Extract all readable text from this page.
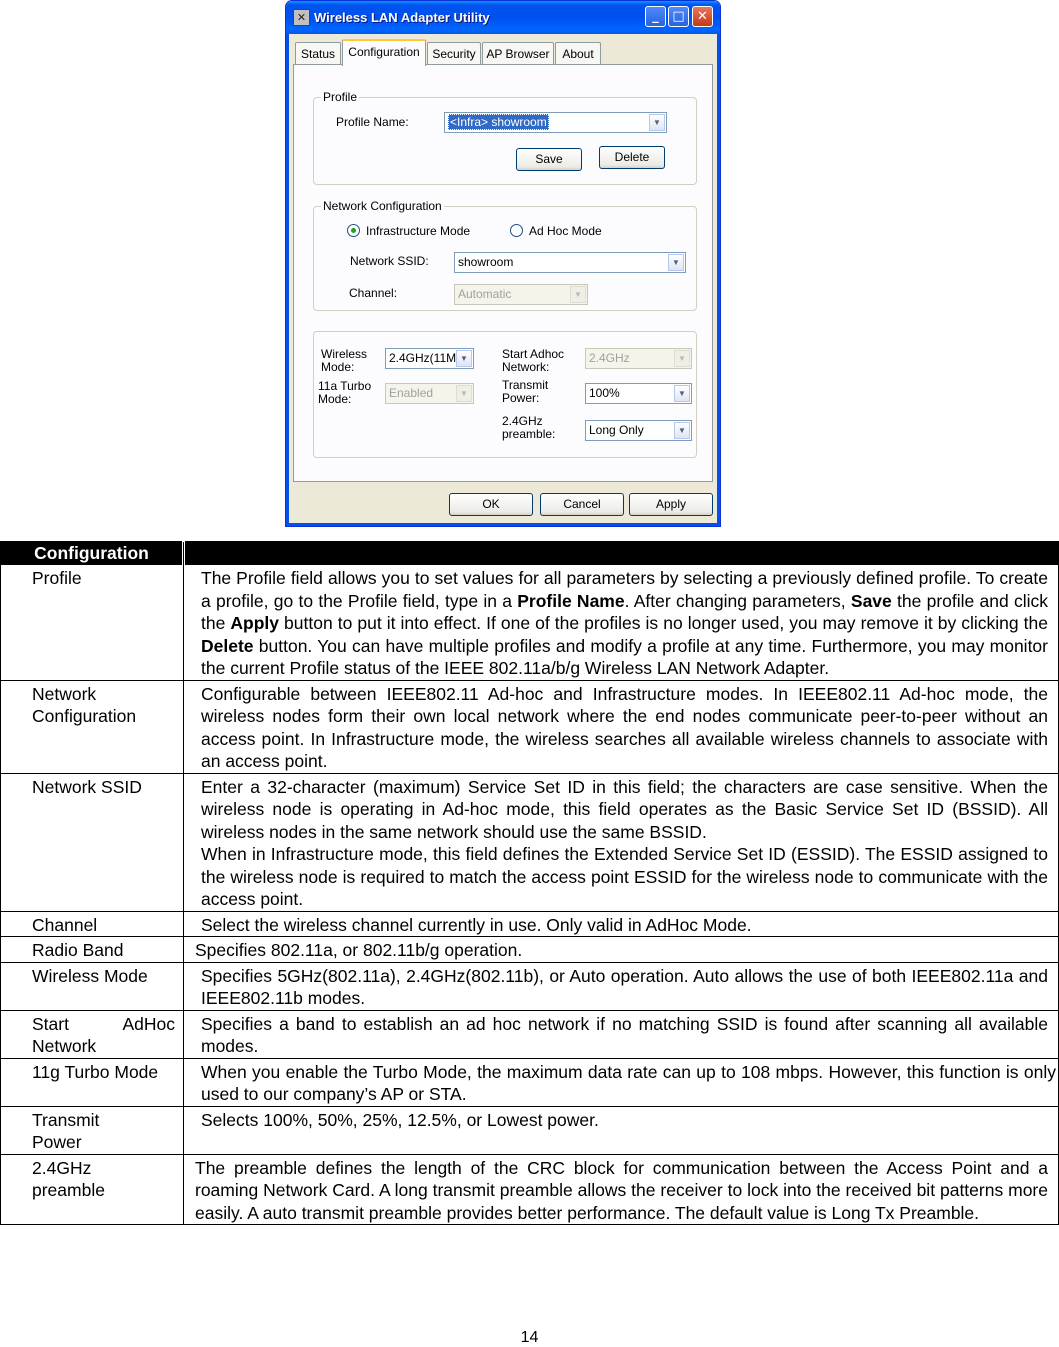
✕ Wireless LAN Adapter Utility	_	□ ✕
Status	Configuration	Security AP Browser	About
Profile
Profile Name:	<Infra> showroom	▼
Save	Delete
Network Configuration
Infrastructure Mode	Ad Hoc Mode
Network SSID:	showroom	▼
Channel:	Automatic	▼
Wireless Mode:
2.4GHz(11M ▼
11a Turbo Mode:	Enabled	▼
Start Adhoc Network:
2.4GHz	▼
Transmit Power:	100%	▼
2.4GHz preamble:	Long Only	▼
OK	Cancel	Apply
Configuration	
Profile	The Profile field allows you to set values for all parameters by selecting a previously defined profile. To create a profile, go to the Profile field, type in a Profile Name. After changing parameters, Save the profile and click the Apply button to put it into effect. If one of the profiles is no longer used, you may remove it by clicking the Delete button. You can have multiple profiles and modify a profile at any time. Furthermore, you may monitor the current Profile status of the IEEE 802.11a/b/g Wireless LAN Network Adapter.
Network Configuration	Configurable between IEEE802.11 Ad-hoc and Infrastructure modes. In IEEE802.11 Ad-hoc mode, the wireless nodes form their own local network where the end nodes communicate peer-to-peer without an access point. In Infrastructure mode, the wireless searches all available wireless channels to associate with an access point.
Network SSID	Enter a 32-character (maximum) Service Set ID in this field; the characters are case sensitive. When the wireless node is operating in Ad-hoc mode, this field operates as the Basic Service Set ID (BSSID). All wireless nodes in the same network should use the same BSSID.
When in Infrastructure mode, this field defines the Extended Service Set ID (ESSID). The ESSID assigned to the wireless node is required to match the access point ESSID for the wireless node to communicate with the access point.

Channel	Select the wireless channel currently in use. Only valid in AdHoc Mode.
Radio Band	Specifies 802.11a, or 802.11b/g operation.
Wireless Mode	Specifies 5GHz(802.11a), 2.4GHz(802.11b), or Auto operation. Auto allows the use of both IEEE802.11a and IEEE802.11b modes.
Start AdHoc Network	Specifies a band to establish an ad hoc network if no matching SSID is found after scanning all available modes.
11g Turbo Mode	When you enable the Turbo Mode, the maximum data rate can up to 108 mbps. However, this function is only used to our company’s AP or STA.
Transmit Power	Selects 100%, 50%, 25%, 12.5%, or Lowest power.
2.4GHz preamble	The preamble defines the length of the CRC block for communication between the Access Point and a roaming Network Card. A long transmit preamble allows the receiver to lock into the received bit patterns more easily. A auto transmit preamble provides better performance. The default value is Long Tx Preamble.
14
